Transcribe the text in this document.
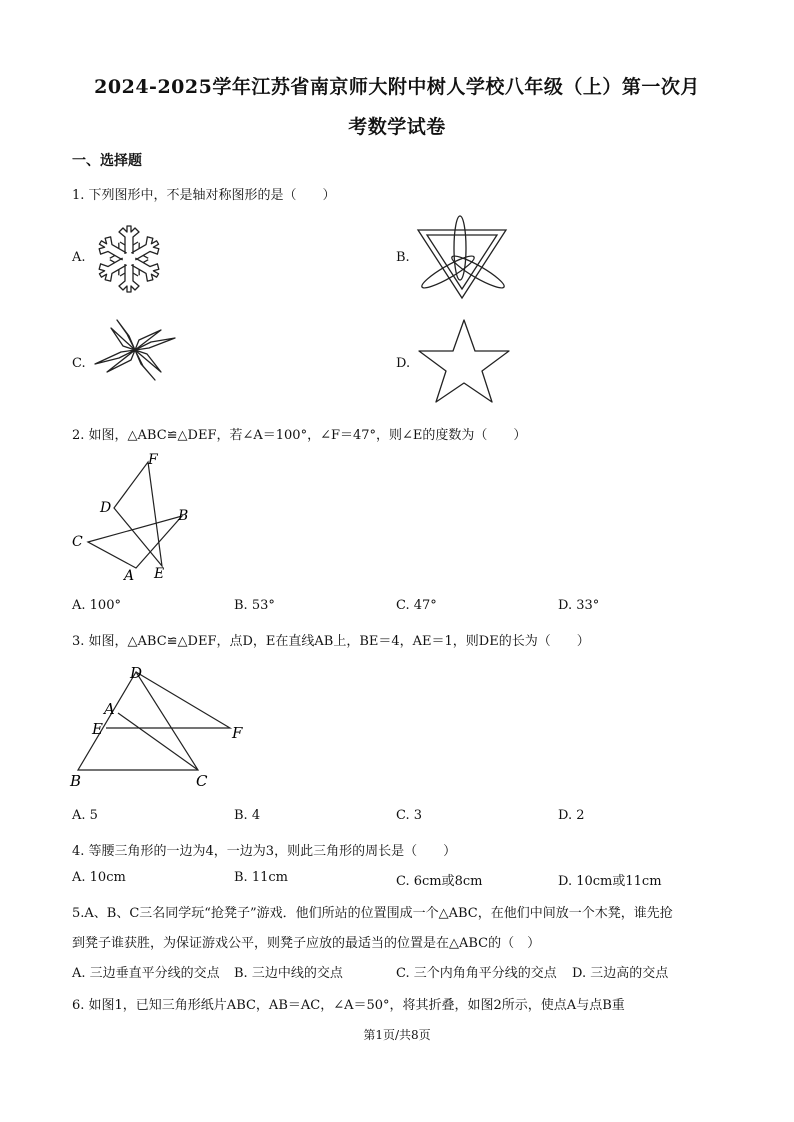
2024-2025学年江苏省南京师大附中树人学校八年级（上）第一次月
考数学试卷
一、选择题
1. 下列图形中，不是轴对称图形的是（　　）
A.	B.
C.	D.
2. 如图，△ABC≌△DEF，若∠A＝100°，∠F＝47°，则∠E的度数为（　　）
F
D	B
C
A E
A. 100°	B. 53°	C. 47°	D. 33°
3. 如图，△ABC≌△DEF，点D，E在直线AB上，BE＝4，AE＝1，则DE的长为（　　）
D
A
E	F
B	C
A. 5	B. 4	C. 3	D. 2
4. 等腰三角形的一边为4，一边为3，则此三角形的周长是（　　）
A. 10cm	B. 11cm	C. 6cm或8cm	D. 10cm或11cm
5.A、B、C三名同学玩“抢凳子”游戏．他们所站的位置围成一个△ABC，在他们中间放一个木凳，谁先抢
到凳子谁获胜，为保证游戏公平，则凳子应放的最适当的位置是在△ABC的（　）
A. 三边垂直平分线的交点 B. 三边中线的交点	C. 三个内角角平分线的交点 D. 三边高的交点
6. 如图1，已知三角形纸片ABC，AB＝AC，∠A＝50°，将其折叠，如图2所示，使点A与点B重
第1页/共8页
